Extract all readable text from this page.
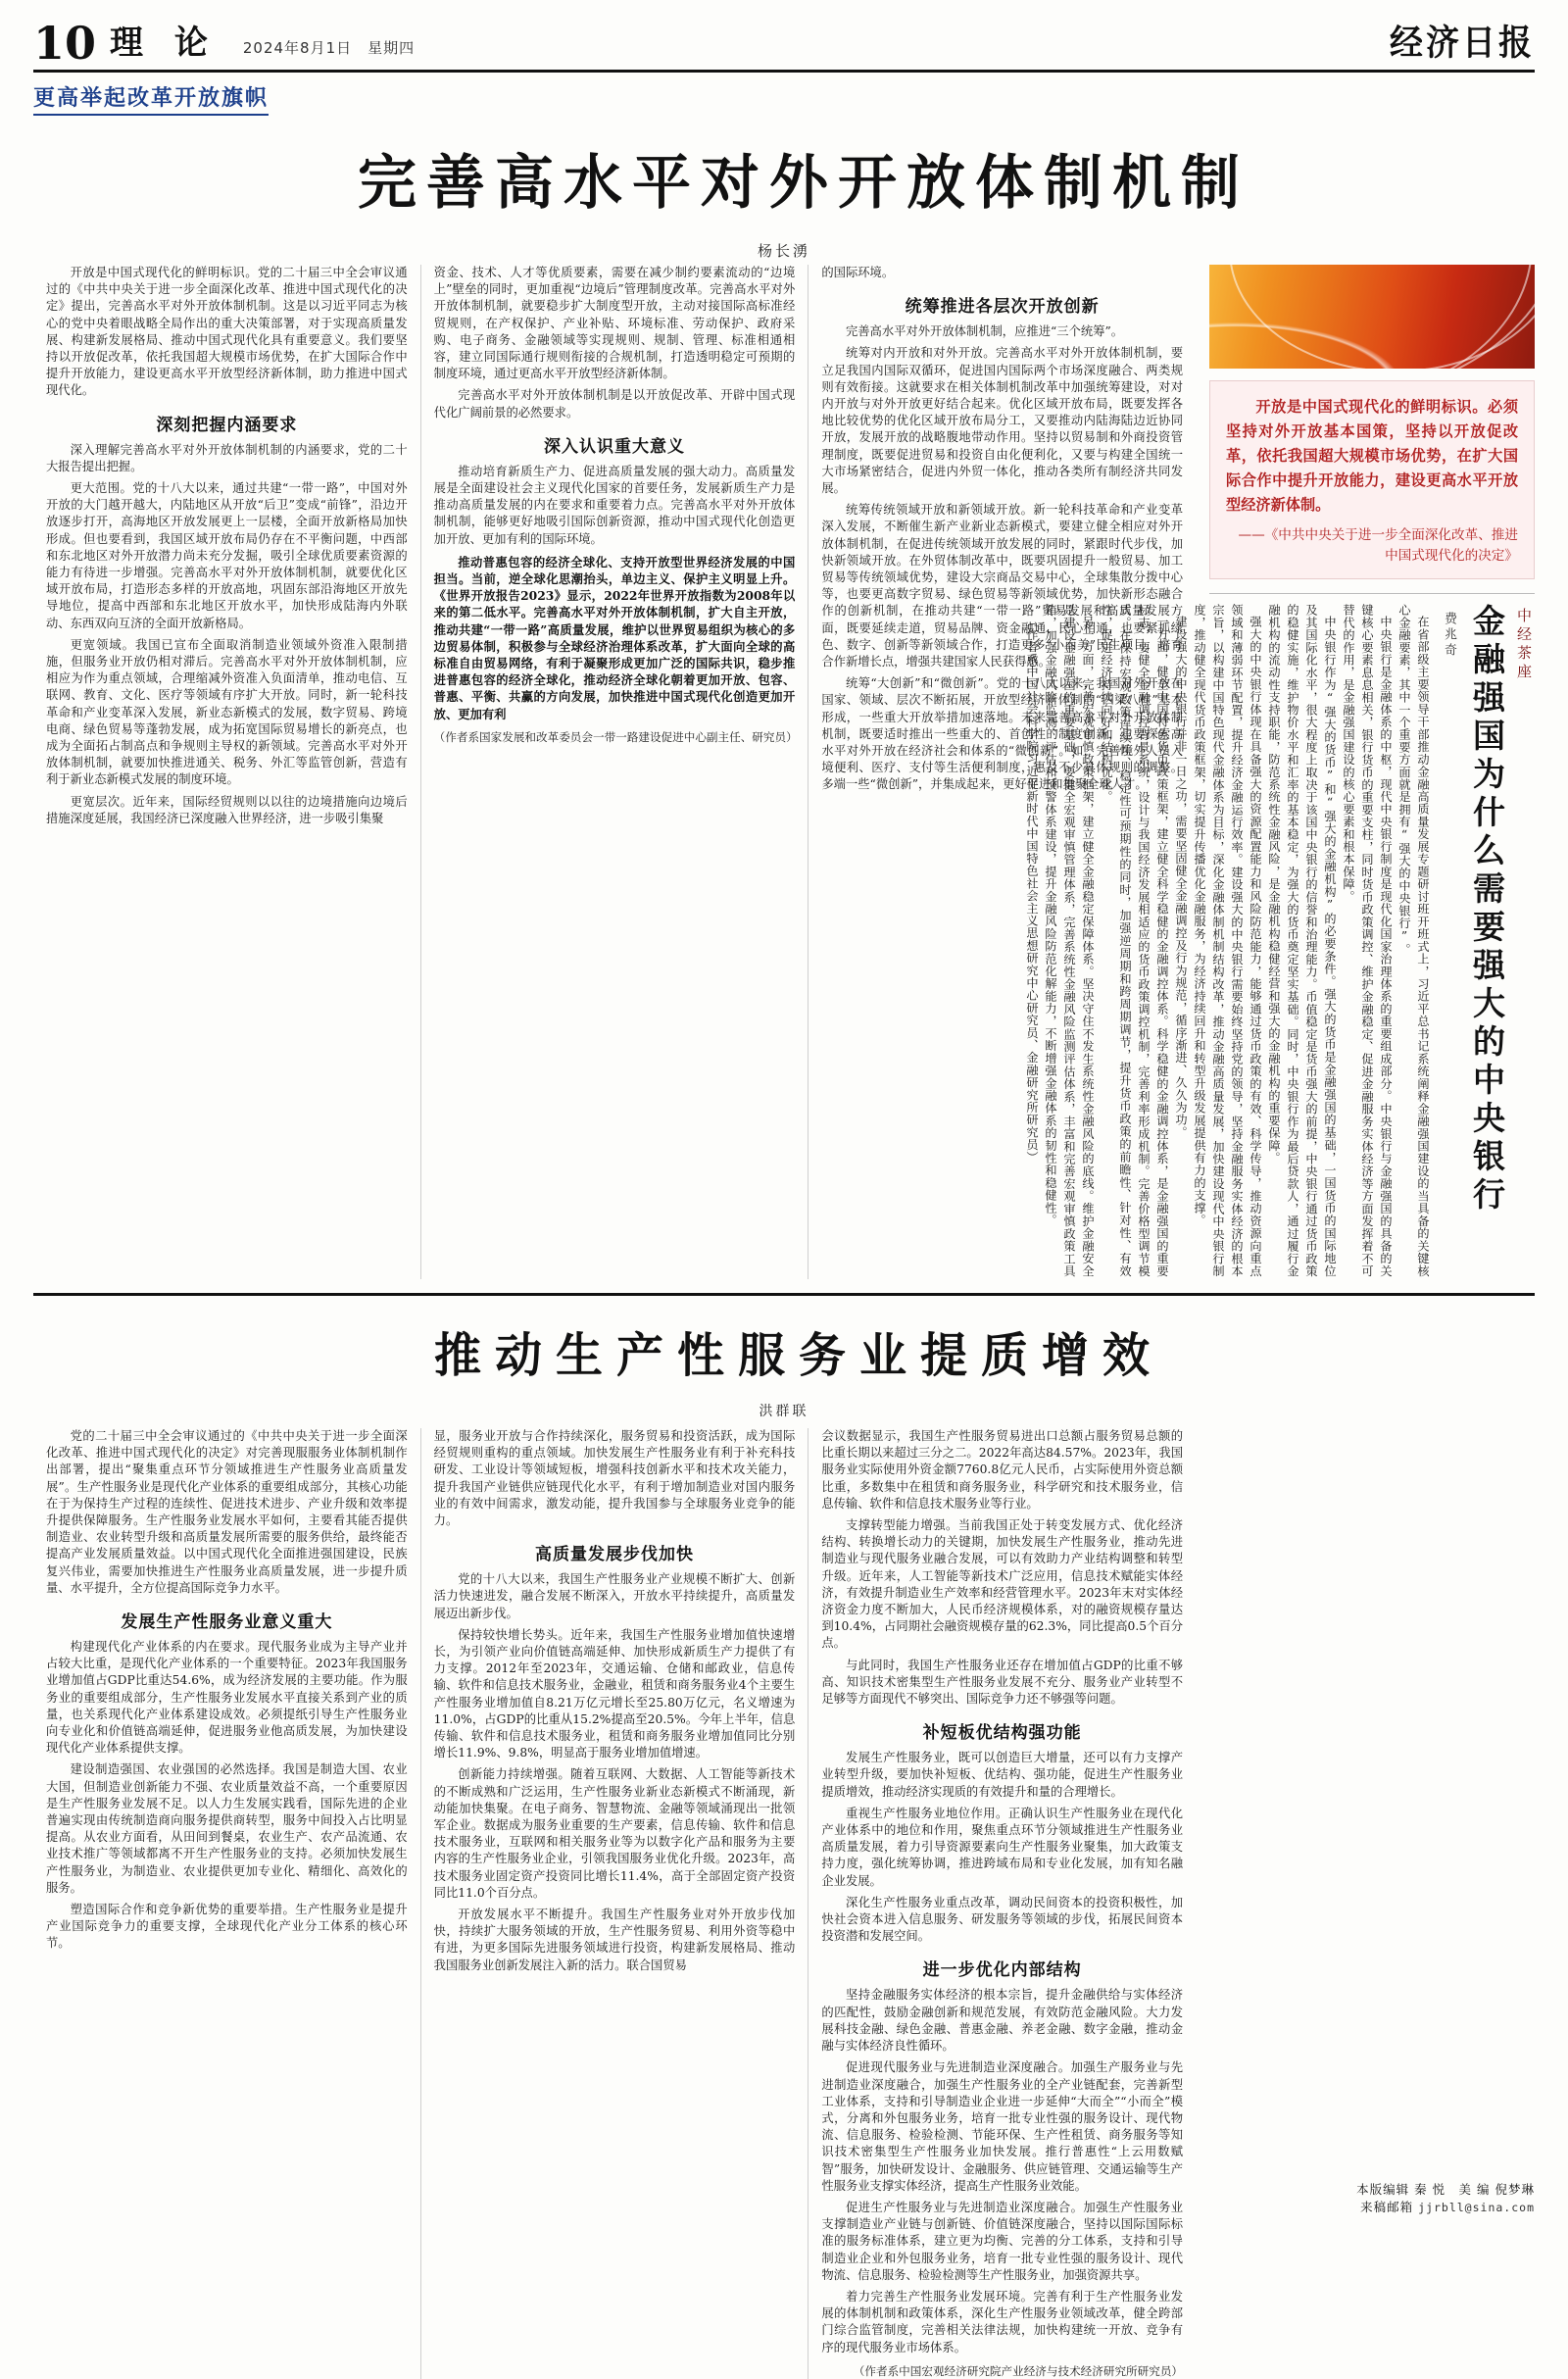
10 理 论 2024年8月1日　星期四	经济日报
更高举起改革开放旗帜
完善高水平对外开放体制机制
杨长湧

开放是中国式现代化的鲜明标识。党的二十届三中全会审议通过的《中共中央关于进一步全面深化改革、推进中国式现代化的决定》提出，完善高水平对外开放体制机制。这是以习近平同志为核心的党中央着眼战略全局作出的重大决策部署，对于实现高质量发展、构建新发展格局、推动中国式现代化具有重要意义。我们要坚持以开放促改革，依托我国超大规模市场优势，在扩大国际合作中提升开放能力，建设更高水平开放型经济新体制，助力推进中国式现代化。

深刻把握内涵要求

深入理解完善高水平对外开放体制机制的内涵要求，党的二十大报告提出把握。

更大范围。党的十八大以来，通过共建“一带一路”，中国对外开放的大门越开越大，内陆地区从开放“后卫”变成“前锋”，沿边开放逐步打开，高海地区开放发展更上一层楼，全面开放新格局加快形成。但也要看到，我国区域开放布局仍存在不平衡问题，中西部和东北地区对外开放潜力尚未充分发掘，吸引全球优质要素资源的能力有待进一步增强。完善高水平对外开放体制机制，就要优化区域开放布局，打造形态多样的开放高地，巩固东部沿海地区开放先导地位，提高中西部和东北地区开放水平，加快形成陆海内外联动、东西双向互济的全面开放新格局。

更宽领域。我国已宣布全面取消制造业领域外资准入限制措施，但服务业开放仍相对滞后。完善高水平对外开放体制机制，应相应为作为重点领域，合理缩减外资准入负面清单，推动电信、互联网、教育、文化、医疗等领域有序扩大开放。同时，新一轮科技革命和产业变革深入发展，新业态新模式的发展，数字贸易、跨境电商、绿色贸易等蓬勃发展，成为拓宽国际贸易增长的新亮点，也成为全面拓占制高点和争规则主导权的新领域。完善高水平对外开放体制机制，就要加快推进通关、税务、外汇等监管创新，营造有利于新业态新模式发展的制度环境。

更宽层次。近年来，国际经贸规则以以往的边境措施向边境后措施深度延展，我国经济已深度融入世界经济，进一步吸引集聚

资金、技术、人才等优质要素，需要在减少制约要素流动的“边境上”壁垒的同时，更加重视“边境后”管理制度改革。完善高水平对外开放体制机制，就要稳步扩大制度型开放，主动对接国际高标准经贸规则，在产权保护、产业补贴、环境标准、劳动保护、政府采购、电子商务、金融领域等实现规则、规制、管理、标准相通相容，建立同国际通行规则衔接的合规机制，打造透明稳定可预期的制度环境，通过更高水平开放型经济新体制。

完善高水平对外开放体制机制是以开放促改革、开辟中国式现代化广阔前景的必然要求。

深入认识重大意义

推动培育新质生产力、促进高质量发展的强大动力。高质量发展是全面建设社会主义现代化国家的首要任务，发展新质生产力是推动高质量发展的内在要求和重要着力点。完善高水平对外开放体制机制，能够更好地吸引国际创新资源，推动中国式现代化创造更加开放、更加有利的国际环境。

推动普惠包容的经济全球化、支持开放型世界经济发展的中国担当。当前，逆全球化思潮抬头，单边主义、保护主义明显上升。《世界开放报告2023》显示，2022年世界开放指数为2008年以来的第二低水平。完善高水平对外开放体制机制，扩大自主开放，推动共建“一带一路”高质量发展，维护以世界贸易组织为核心的多边贸易体制，积极参与全球经济治理体系改革，扩大面向全球的高标准自由贸易网络，有利于凝聚形成更加广泛的国际共识，稳步推进普惠包容的经济全球化，推动经济全球化朝着更加开放、包容、普惠、平衡、共赢的方向发展，加快推进中国式现代化创造更加开放、更加有利
（作者系国家发展和改革委员会一带一路建设促进中心副主任、研究员）

的国际环境。

统筹推进各层次开放创新

完善高水平对外开放体制机制，应推进“三个统筹”。

统筹对内开放和对外开放。完善高水平对外开放体制机制，要立足我国内国际双循环，促进国内国际两个市场深度融合、两类规则有效衔接。这就要求在相关体制机制改革中加强统筹建设，对对内开放与对外开放更好结合起来。优化区域开放布局，既要发挥各地比较优势的优化区域开放布局分工，又要推动内陆海陆边近协同开放，发展开放的战略腹地带动作用。坚持以贸易制和外商投资管理制度，既要促进贸易和投资自由化便利化，又要与构建全国统一大市场紧密结合，促进内外贸一体化，推动各类所有制经济共同发展。

统筹传统领域开放和新领域开放。新一轮科技革命和产业变革深入发展，不断催生新产业新业态新模式，要建立健全相应对外开放体制机制，在促进传统领域开放发展的同时，紧跟时代步伐，加快新领域开放。在外贸体制改革中，既要巩固提升一般贸易、加工贸易等传统领域优势，建设大宗商品交易中心，全球集散分拨中心等，也要更高数字贸易、绿色贸易等新领域优势，加快新形态融合作的创新机制，在推动共建“一带一路”贸易发展和高质量发展方面，既要延续走道，贸易品牌、资金融通、民心相通，也要紧抓绿色、数字、创新等新领域合作，打造更多“小而美”民生项目，培育合作新增长点，增强共建国家人民获得感。

统筹“大创新”和“微创新”。党的十八大以来，我国对外开放在国家、领域、层次不断拓展，开放型经济新体制的“四梁八柱”基本形成，一些重大开放举措加速落地。未来完善高水平对外开放体制机制，既要适时推出一些重大的、首创性的制度创新，也要探索高水平对外开放在经济社会和体系的“微创新”。如，完善境外人员入境便利、医疗、支付等生活便利制度，惠及不少具体规则的调整。多端一些“微创新”，并集成起来，更好促进和集聚全球人才。

开放是中国式现代化的鲜明标识。必须坚持对外开放基本国策，坚持以开放促改革，依托我国超大规模市场优势，在扩大国际合作中提升开放能力，建设更高水平开放型经济新体制。

——《中共中央关于进一步全面深化改革、推进中国式现代化的决定》
中经茶座
金融强国为什么需要强大的中央银行
费兆奇

在省部级主要领导干部推动金融高质量发展专题研讨班开班式上，习近平总书记系统阐释金融强国建设的当具备的关键核心金融要素，其中一个重要方面就是拥有“强大的中央银行”。

中央银行是金融体系的中枢，现代中央银行制度是现代化国家治理体系的重要组成部分。中央银行与金融强国的具备的关键核心要素息息相关，银行货币的重要支柱，同时货币政策调控、维护金融稳定、促进金融服务实体经济等方面发挥着不可替代的作用，是金融强国建设的核心要素和根本保障。

中央银行作为“强大的货币”和“强大的金融机构”的必要条件。强大的货币是金融强国的基础，一国货币的国际地位及其国际化水平，很大程度上取决于该国中央银行的信誉和治理能力。币值稳定是货币强大的前提，中央银行通过货币政策的稳健实施，维护物价水平和汇率的基本稳定，为强大的货币奠定坚实基础。同时，中央银行作为最后贷款人，通过履行金融机构的流动性支持职能，防范系统性金融风险，是金融机构稳健经营和强大的金融机构的重要保障。

强大的中央银行体现在具备强大的资源配置能力和风险防范能力，能够通过货币政策的有效、科学传导，推动资源向重点领域和薄弱环节配置，提升经济金融运行效率。建设强大的中央银行需要始终坚持党的领导，坚持金融服务实体经济的根本宗旨，以构建中国特色现代金融体系为目标，深化金融体制机制结构改革，推动金融高质量发展，加快建设现代中央银行制度，推动健全现代货币政策框架，切实提升传播优化金融服务，为经济持续回升和转型升级发展提供有力的支撑。

建设强大的中央银行并非一日之功，需要坚固健全金融调控及行为规范，循序渐进、久久为功。

一方面，健全中国特色货币政策框架，建立健全科学稳健的金融调控体系。科学稳健的金融调控体系，是金融强国的重要标志，要健全金融调控背景系统，设计与我国经济发展相适应的货币政策调控机制，完善利率形成机制。完善价格型调节模式。在保持宏观政策连续性、稳定性可预期性的同时，加强逆周期和跨周期调节，提升货币政策的前瞻性、针对性、有效性，促进经济持续向好和结构优化。

另一方面，完善宏观审慎政策框架，建立健全金融稳定保障体系。坚决守住不发生系统性金融风险的底线。维护金融安全是建设金融强国的重要基础，要健全宏观审慎管理体系，完善系统性金融风险监测评估体系，丰富和完善宏观审慎政策工具箱，加强金融风险监测、评估和预警体系建设，提升金融风险防范化解能力，不断增强金融体系的韧性和稳健性。

（作者系中国社会科学院习近平新时代中国特色社会主义思想研究中心研究员、金融研究所研究员）

推动生产性服务业提质增效
洪群联

党的二十届三中全会审议通过的《中共中央关于进一步全面深化改革、推进中国式现代化的决定》对完善现服服务业体制机制作出部署，提出“聚集重点环节分领域推进生产性服务业高质量发展”。生产性服务业是现代化产业体系的重要组成部分，其核心功能在于为保持生产过程的连续性、促进技术进步、产业升级和效率提升提供保障服务。生产性服务业发展水平如何，主要看其能否提供制造业、农业转型升级和高质量发展所需要的服务供给，最终能否提高产业发展质量效益。以中国式现代化全面推进强国建设，民族复兴伟业，需要加快推进生产性服务业高质量发展，进一步提升质量、水平提升，全方位提高国际竞争力水平。

发展生产性服务业意义重大

构建现代化产业体系的内在要求。现代服务业成为主导产业并占较大比重，是现代化产业体系的一个重要特征。2023年我国服务业增加值占GDP比重达54.6%，成为经济发展的主要功能。作为服务业的重要组成部分，生产性服务业发展水平直接关系到产业的质量，也关系现代化产业体系建设成效。必须提纸引导生产性服务业向专业化和价值链高端延伸，促进服务业他高质发展，为加快建设现代化产业体系提供支撑。

建设制造强国、农业强国的必然选择。我国是制造大国、农业大国，但制造业创新能力不强、农业质量效益不高，一个重要原因是生产性服务业发展不足。以人力生发展实践看，国际先进的企业普遍实现由传统制造商向服务提供商转型，服务中间投入占比明显提高。从农业方面看，从田间到餐桌，农业生产、农产品流通、农业技术推广等领域都离不开生产性服务业的支持。必须加快发展生产性服务业，为制造业、农业提供更加专业化、精细化、高效化的服务。

塑造国际合作和竞争新优势的重要举措。生产性服务业是提升产业国际竞争力的重要支撑，全球现代化产业分工体系的核心环节。

显，服务业开放与合作持续深化，服务贸易和投资活跃，成为国际经贸规则重构的重点领域。加快发展生产性服务业有利于补充科技研发、工业设计等领域短板，增强科技创新水平和技术攻关能力，提升我国产业链供应链现代化水平，有利于增加制造业对国内服务业的有效中间需求，激发动能，提升我国参与全球服务业竞争的能力。

高质量发展步伐加快

党的十八大以来，我国生产性服务业产业规模不断扩大、创新活力快速进发，融合发展不断深入，开放水平持续提升，高质量发展迈出新步伐。

保持较快增长势头。近年来，我国生产性服务业增加值快速增长，为引领产业向价值链高端延伸、加快形成新质生产力提供了有力支撑。2012年至2023年，交通运输、仓储和邮政业，信息传输、软件和信息技术服务业，金融业，租赁和商务服务业4个主要生产性服务业增加值自8.21万亿元增长至25.80万亿元，名义增速为11.0%，占GDP的比重从15.2%提高至20.5%。今年上半年，信息传输、软件和信息技术服务业，租赁和商务服务业增加值同比分别增长11.9%、9.8%，明显高于服务业增加值增速。

创新能力持续增强。随着互联网、大数据、人工智能等新技术的不断成熟和广泛运用，生产性服务业新业态新模式不断涌现，新动能加快集聚。在电子商务、智慧物流、金融等领域涌现出一批领军企业。数据成为服务业重要的生产要素，信息传输、软件和信息技术服务业，互联网和相关服务业等为以数字化产品和服务为主要内容的生产性服务业企业，引领我国服务业优化升级。2023年，高技术服务业固定资产投资同比增长11.4%，高于全部固定资产投资同比11.0个百分点。

开放发展水平不断提升。我国生产性服务业对外开放步伐加快，持续扩大服务领域的开放，生产性服务贸易、利用外资等稳中有进，为更多国际先进服务领域进行投资，构建新发展格局、推动我国服务业创新发展注入新的活力。联合国贸易

会议数据显示，我国生产性服务贸易进出口总额占服务贸易总额的比重长期以来超过三分之二。2022年高达84.57%。2023年，我国服务业实际使用外资金额7760.8亿元人民币，占实际使用外资总额比重，多数集中在租赁和商务服务业，科学研究和技术服务业，信息传输、软件和信息技术服务业等行业。

支撑转型能力增强。当前我国正处于转变发展方式、优化经济结构、转换增长动力的关键期，加快发展生产性服务业，推动先进制造业与现代服务业融合发展，可以有效助力产业结构调整和转型升级。近年来，人工智能等新技术广泛应用，信息技术赋能实体经济，有效提升制造业生产效率和经营管理水平。2023年末对实体经济资金力度不断加大，人民币经济规模体系，对的融资规模存量达到10.4%，占同期社会融资规模存量的62.3%，同比提高0.5个百分点。

与此同时，我国生产性服务业还存在增加值占GDP的比重不够高、知识技术密集型生产性服务业发展不充分、服务业产业转型不足够等方面现代不够突出、国际竞争力还不够强等问题。

补短板优结构强功能

发展生产性服务业，既可以创造巨大增量，还可以有力支撑产业转型升级，要加快补短板、优结构、强功能，促进生产性服务业提质增效，推动经济实现质的有效提升和量的合理增长。

重视生产性服务业地位作用。正确认识生产性服务业在现代化产业体系中的地位和作用，聚焦重点环节分领域推进生产性服务业高质量发展，着力引导资源要素向生产性服务业聚集，加大政策支持力度，强化统筹协调，推进跨域布局和专业化发展，加有知名融企业发展。

深化生产性服务业重点改革，调动民间资本的投资积极性，加快社会资本进入信息服务、研发服务等领域的步伐，拓展民间资本投资潜和发展空间。

进一步优化内部结构

坚持金融服务实体经济的根本宗旨，提升金融供给与实体经济的匹配性，鼓励金融创新和规范发展，有效防范金融风险。大力发展科技金融、绿色金融、普惠金融、养老金融、数字金融，推动金融与实体经济良性循环。

促进现代服务业与先进制造业深度融合。加强生产服务业与先进制造业深度融合，加强生产性服务业的全产业链配套，完善新型工业体系，支持和引导制造业企业进一步延伸“大而全”“小而全”模式，分离和外包服务业务，培育一批专业性强的服务设计、现代物流、信息服务、检验检测、节能环保、生产性租赁、商务服务等知识技术密集型生产性服务业加快发展。推行普惠性“上云用数赋智”服务，加快研发设计、金融服务、供应链管理、交通运输等生产性服务业支撑实体经济，提高生产性服务业效能。

促进生产性服务业与先进制造业深度融合。加强生产性服务业支撑制造业产业链与创新链、价值链深度融合，坚持以国际国际标准的服务标准体系，建立更为均衡、完善的分工体系，支持和引导制造业企业和外包服务业务，培育一批专业性强的服务设计、现代物流、信息服务、检验检测等生产性服务业，加强资源共享。

着力完善生产性服务业发展环境。完善有利于生产性服务业发展的体制机制和政策体系，深化生产性服务业领域改革，健全跨部门综合监管制度，完善相关法律法规，加快构建统一开放、竞争有序的现代服务业市场体系。

（作者系中国宏观经济研究院产业经济与技术经济研究所研究员）
本版编辑 秦 悦　美 编 倪梦琳
来稿邮箱 jjrbll@sina.com
